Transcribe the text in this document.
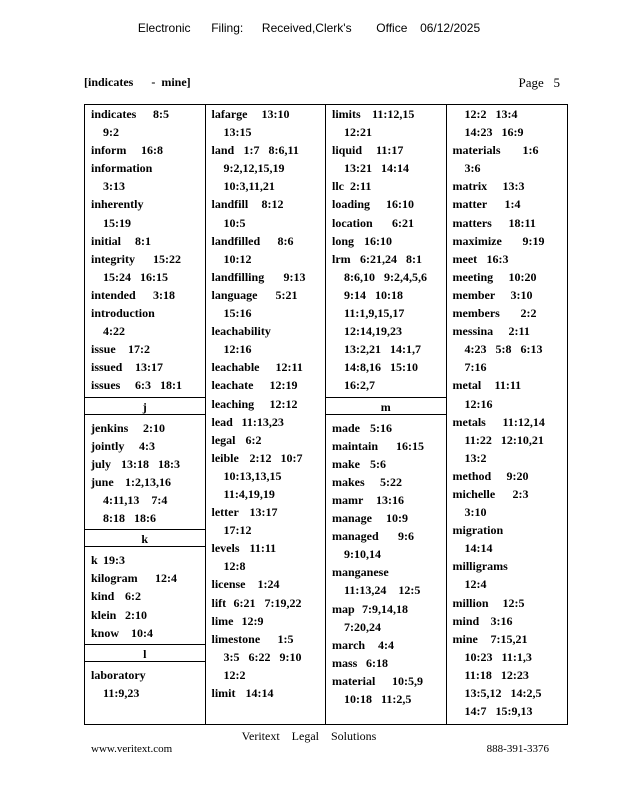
Electronic Filing: Received,Clerk's Office 06/12/2025
[indicates      -  mine]	Page   5
indicates 8:5
9:2
inform 16:8
information
3:13
inherently
15:19
initial 8:1
integrity 15:22
15:24   16:15
intended 3:18
introduction
4:22
issue 17:2
issued 13:17
issues 6:3   18:1
j
jenkins 2:10
jointly 4:3
july 13:18   18:3
june 1:2,13,16
4:11,13    7:4
8:18   18:6
k
k 19:3
kilogram 12:4
kind 6:2
klein 2:10
know 10:4
l
laboratory
11:9,23
lafarge 13:10
13:15
land 1:7   8:6,11
9:2,12,15,19
10:3,11,21
landfill 8:12
10:5
landfilled 8:6
10:12
landfilling 9:13
language 5:21
15:16
leachability
12:16
leachable 12:11
leachate 12:19
leaching 12:12
lead 11:13,23
legal 6:2
leible 2:12   10:7
10:13,13,15
11:4,19,19
letter 13:17
17:12
levels 11:11
12:8
license 1:24
lift 6:21   7:19,22
lime 12:9
limestone 1:5
3:5   6:22   9:10
12:2
limit 14:14
limits 11:12,15
12:21
liquid 11:17
13:21   14:14
llc 2:11
loading 16:10
location 6:21
long 16:10
lrm 6:21,24   8:1
8:6,10   9:2,4,5,6
9:14   10:18
11:1,9,15,17
12:14,19,23
13:2,21   14:1,7
14:8,16   15:10
16:2,7
m
made 5:16
maintain 16:15
make 5:6
makes 5:22
mamr 13:16
manage 10:9
managed 9:6
9:10,14
manganese
11:13,24    12:5
map 7:9,14,18
7:20,24
march 4:4
mass 6:18
material 10:5,9
10:18   11:2,5
12:2   13:4
14:23   16:9
materials 1:6
3:6
matrix 13:3
matter 1:4
matters 18:11
maximize 9:19
meet 16:3
meeting 10:20
member 3:10
members 2:2
messina 2:11
4:23   5:8   6:13
7:16
metal 11:11
12:16
metals 11:12,14
11:22   12:10,21
13:2
method 9:20
michelle 2:3
3:10
migration
14:14
milligrams
12:4
million 12:5
mind 3:16
mine 7:15,21
10:23   11:1,3
11:18   12:23
13:5,12   14:2,5
14:7   15:9,13
Veritext    Legal    Solutions
www.veritext.com	888-391-3376
